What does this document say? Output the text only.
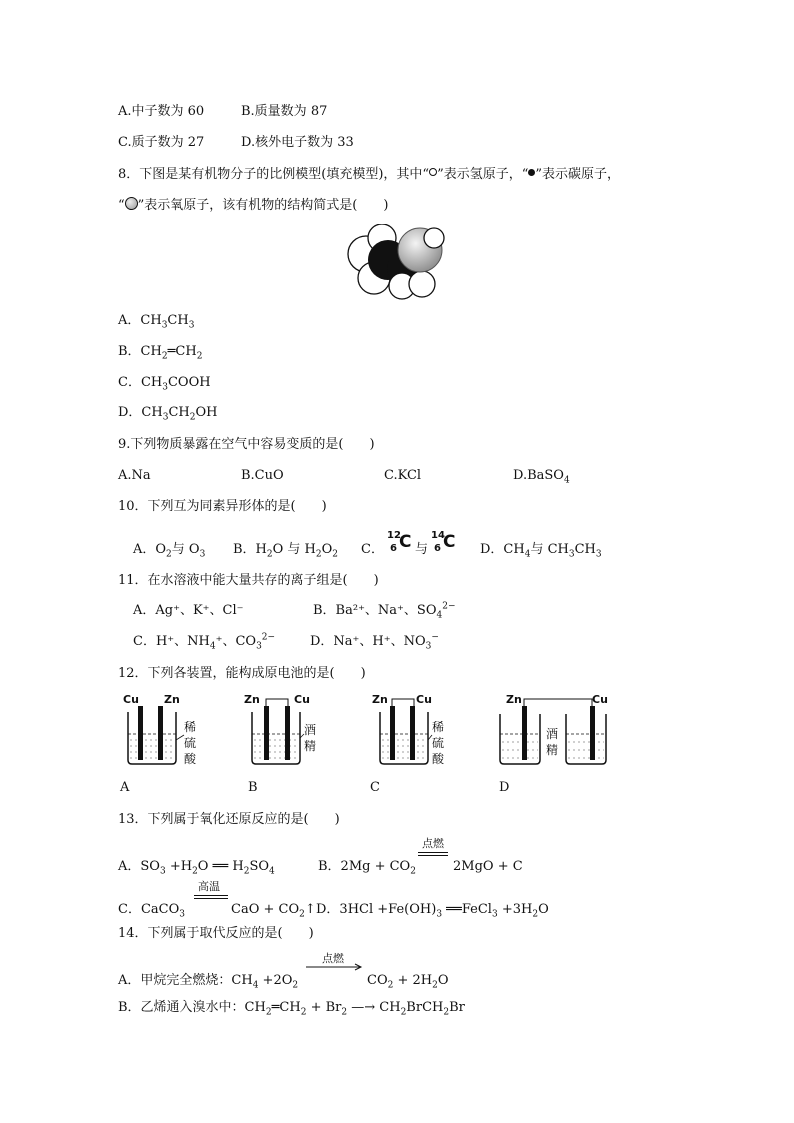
A.中子数为 60	B.质量数为 87
C.质子数为 27	D.核外电子数为 33
8．下图是某有机物分子的比例模型(填充模型)，其中“ ”表示氢原子，“ ”表示碳原子，
“ ”表示氧原子，该有机物的结构简式是(　　)
A．$CH_3CH_3$
B．$CH_2═CH_2$
C．$CH_3COOH$
D．$CH_3CH_2OH$
9.下列物质暴露在空气中容易变质的是(　　)
A.Na	B.CuO	C.KCl	D.BaSO$_4$
10．下列互为同素异形体的是(　　)
A．$O_2$与 $O_3$ B．$H_2O$ 与 $H_2O_2$ C．
12
6 C 与
14
6 C D．$CH_4$与 $CH_3CH_3$
11．在水溶液中能大量共存的离子组是(　　)
A．Ag⁺、K⁺、Cl⁻	B．Ba²⁺、Na⁺、$SO_4^{2-}$
C．H⁺、$NH_4^+$、$CO_3^{2-}$	D．Na⁺、H⁺、$NO_3^-$
12．下列各装置，能构成原电池的是(　　)
Cu Zn
稀
硫
酸
Zn	Cu
酒
精
Zn	Cu
稀
硫
酸
Zn	Cu
酒
精
A	B	C	D
13．下列属于氧化还原反应的是(　　)
A．$SO_3 +H_2O$ ══ $H_2SO_4$	B．$2Mg + CO_2$
点燃
2MgO + C
C．CaCO$_3$
高温
CaO + $CO_2↑$ D．$3HCl +Fe(OH)_3$ ══FeCl$_3$ $+3H_2O$
14．下列属于取代反应的是(　　)
A．甲烷完全燃烧：$CH_4 +2O_2$
点燃
$CO_2 + 2H_2O$
B．乙烯通入溴水中：$CH_2═CH_2 + Br_2$ —→ $CH_2BrCH_2Br$
